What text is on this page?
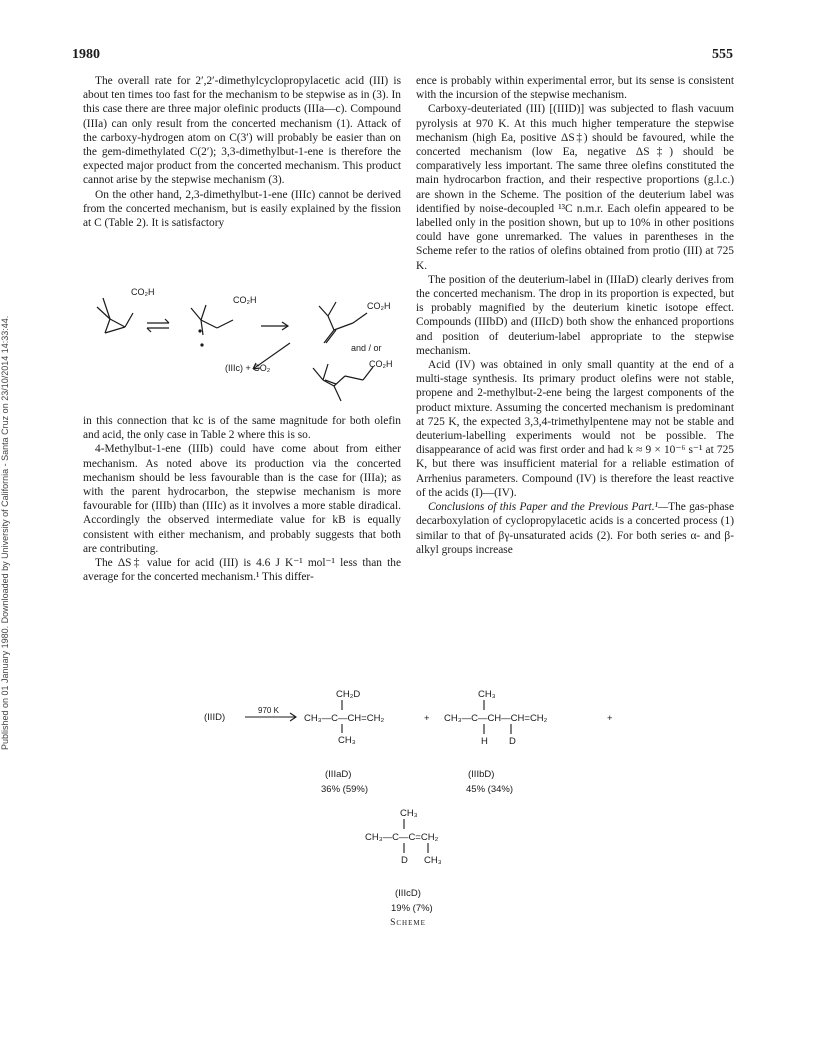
1980	555
Published on 01 January 1980. Downloaded by University of California - Santa Cruz on 23/10/2014 14:33:44.

The overall rate for 2′,2′-dimethylcyclopropylacetic acid (III) is about ten times too fast for the mechanism to be stepwise as in (3). In this case there are three major olefinic products (IIIa—c). Compound (IIIa) can only result from the concerted mechanism (1). Attack of the carboxy-hydrogen atom on C(3′) will probably be easier than on the gem-dimethylated C(2′); 3,3-dimethylbut-1-ene is therefore the expected major product from the concerted mechanism. This product cannot arise by the stepwise mechanism (3).

On the other hand, 2,3-dimethylbut-1-ene (IIIc) cannot be derived from the concerted mechanism, but is easily explained by the fission at C (Table 2). It is satisfactory

CO₂H
CO₂H
CO₂H
CO₂H
and / or
(IIIc) + CO₂

in this connection that kc is of the same magnitude for both olefin and acid, the only case in Table 2 where this is so.

4-Methylbut-1-ene (IIIb) could have come about from either mechanism. As noted above its production via the concerted mechanism should be less favourable than is the case for (IIIa); as with the parent hydrocarbon, the stepwise mechanism is more favourable for (IIIb) than (IIIc) as it involves a more stable diradical. Accordingly the observed intermediate value for kB is equally consistent with either mechanism, and probably suggests that both are contributing.

The ΔS‡ value for acid (III) is 4.6 J K⁻¹ mol⁻¹ less than the average for the concerted mechanism.¹ This differ-

ence is probably within experimental error, but its sense is consistent with the incursion of the stepwise mechanism.

Carboxy-deuteriated (III) [(IIID)] was subjected to flash vacuum pyrolysis at 970 K. At this much higher temperature the stepwise mechanism (high Ea, positive ΔS‡) should be favoured, while the concerted mechanism (low Ea, negative ΔS‡) should be comparatively less important. The same three olefins constituted the main hydrocarbon fraction, and their respective proportions (g.l.c.) are shown in the Scheme. The position of the deuterium label was identified by noise-decoupled ¹³C n.m.r. Each olefin appeared to be labelled only in the position shown, but up to 10% in other positions could have gone unremarked. The values in parentheses in the Scheme refer to the ratios of olefins obtained from protio (III) at 725 K.

The position of the deuterium-label in (IIIaD) clearly derives from the concerted mechanism. The drop in its proportion is expected, but is probably magnified by the deuterium kinetic isotope effect. Compounds (IIIbD) and (IIIcD) both show the enhanced proportions and position of deuterium-label appropriate to the stepwise mechanism.

Acid (IV) was obtained in only small quantity at the end of a multi-stage synthesis. Its primary product olefins were not stable, propene and 2-methylbut-2-ene being the largest components of the product mixture. Assuming the concerted mechanism is predominant at 725 K, the expected 3,3,4-trimethylpentene may not be stable and deuterium-labelling experiments would not be possible. The disappearance of acid was first order and had k ≈ 9 × 10⁻⁶ s⁻¹ at 725 K, but there was insufficient material for a reliable estimation of Arrhenius parameters. Compound (IV) is therefore the least reactive of the acids (I)—(IV).

Conclusions of this Paper and the Previous Part.¹—The gas-phase decarboxylation of cyclopropylacetic acids is a concerted process (1) similar to that of βγ-unsaturated acids (2). For both series α- and β-alkyl groups increase

(IIID)
970 K
CH₂D
CH₃—C—CH=CH₂
CH₃
+
CH₃
CH₃—C—CH—CH=CH₂
H D
+
(IIIaD)
36% (59%)
(IIIbD)
45% (34%)
CH₃
CH₃—C—C=CH₂
D CH₃
(IIIcD)
19% (7%)
Scheme
